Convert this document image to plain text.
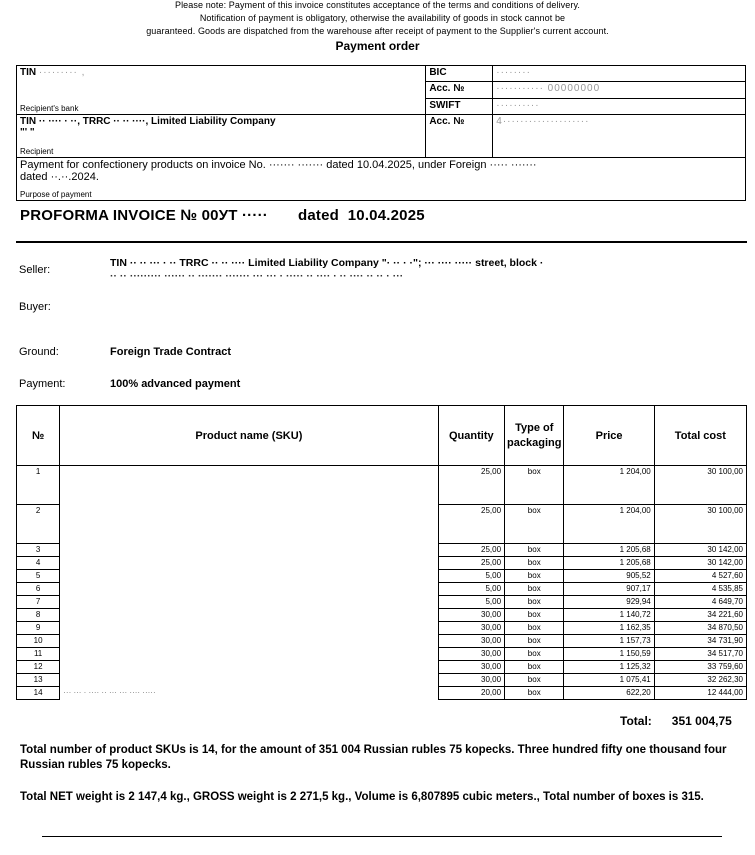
Please note: Payment of this invoice constitutes acceptance of the terms and conditions of delivery.
Notification of payment is obligatory, otherwise the availability of goods in stock cannot be
guaranteed. Goods are dispatched from the warehouse after receipt of payment to the Supplier's current account.
Payment order
TIN ········· ,
Recipient's bank	BIC	········
	Acc. №	··········· 00000000
	SWIFT	··········

TIN ·· ···· · ··, TRRC ·· ·· ····, Limited Liability Company
"' "
Recipient	Acc. №	4····················

Payment for confectionery products on invoice No. ······· ······· dated 10.04.2025, under Foreign ····· ·······
dated ··.··.2024.
Purpose of payment		
PROFORMA INVOICE № 00УТ ····· dated 10.04.2025
Seller:
TIN ·· ·· ··· · ·· TRRC ·· ·· ···· Limited Liability Company "· ·· · ·"; ··· ···· ····· street, block ·
·· ·· ········· ······ ·· ······· ······· ··· ··· · ····· ·· ···· · ·· ···· ·· ·· · ···
Buyer:
Ground:	Foreign Trade Contract
Payment:	100% advanced payment
№	Product name (SKU)	Quantity	Type of packaging	Price	Total cost
1		25,00	box	1 204,00	30 100,00
2		25,00	box	1 204,00	30 100,00
3		25,00	box	1 205,68	30 142,00
4		25,00	box	1 205,68	30 142,00
5		5,00	box	905,52	4 527,60
6		5,00	box	907,17	4 535,85
7		5,00	box	929,94	4 649,70
8		30,00	box	1 140,72	34 221,60
9		30,00	box	1 162,35	34 870,50
10		30,00	box	1 157,73	34 731,90
11		30,00	box	1 150,59	34 517,70
12		30,00	box	1 125,32	33 759,60
13		30,00	box	1 075,41	32 262,30
14	··· ··· · ···· ·· ··· ··· ···· ·····	20,00	box	622,20	12 444,00
Total: 351 004,75
Total number of product SKUs is 14, for the amount of 351 004 Russian rubles 75 kopecks. Three hundred fifty one thousand four Russian rubles 75 kopecks.
Total NET weight is 2 147,4 kg., GROSS weight is 2 271,5 kg., Volume is 6,807895 cubic meters., Total number of boxes is 315.
